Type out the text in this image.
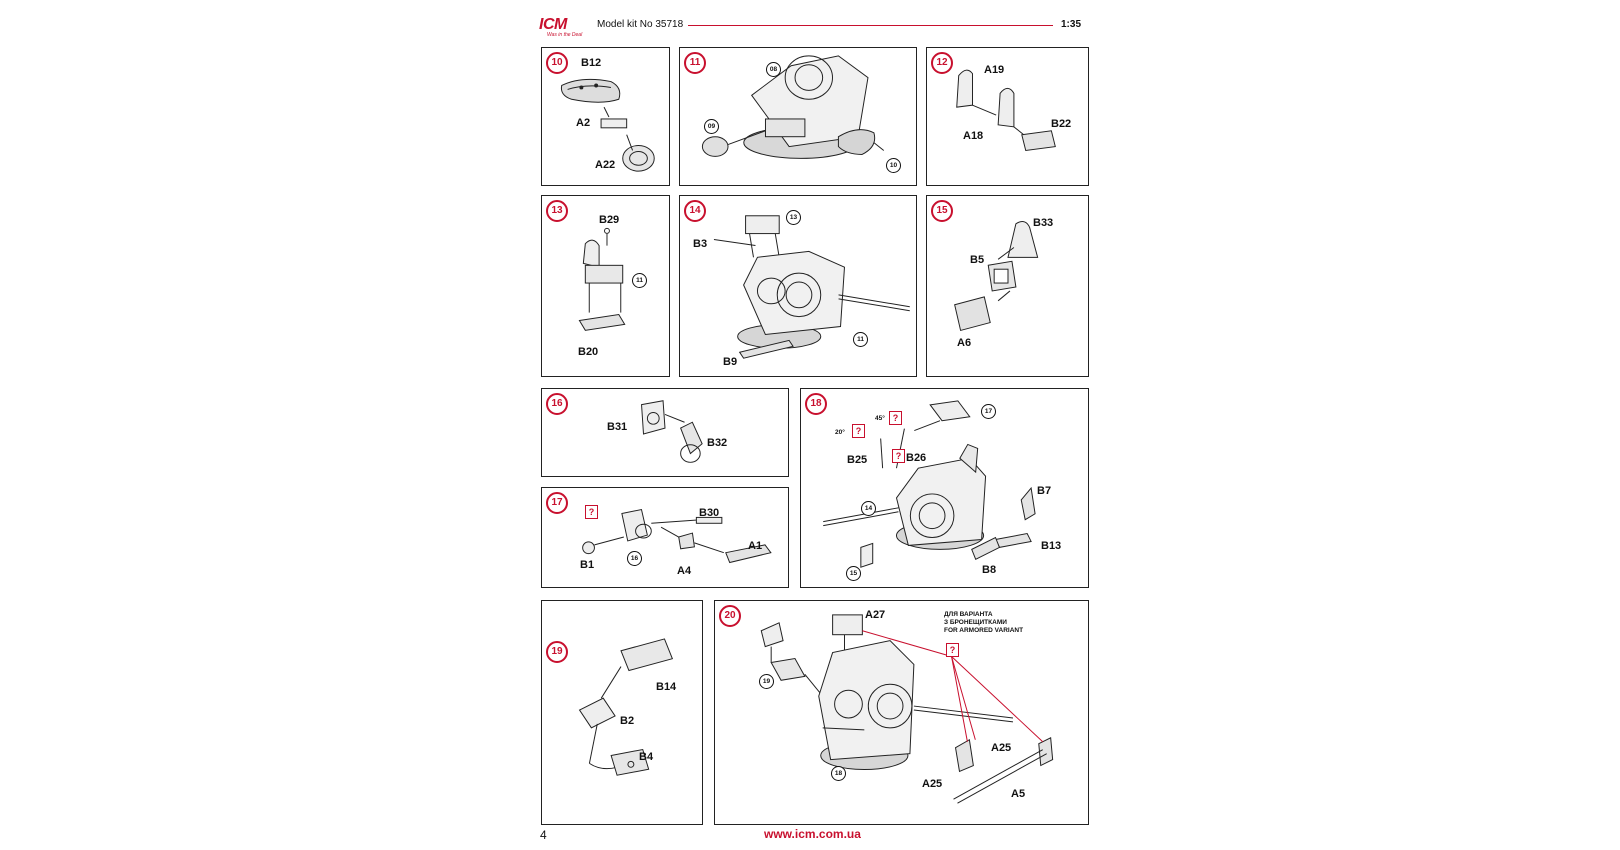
ICM
Was in the Deal
Model kit No 35718	1:35
10	B12
A2
A22
11
08
09
10
12
A19
A18
B22
13
B29
B20
11
14
B3
B9
13
11
15
B33
B5
A6
16
B31
B32
17
B30
A1
B1	A4
16
?
18
B25	B26
B7
B13
B8
17
14
15
45°
20°
?
?
?
19
B14
B2
B4
20	A27
A25
A25
A5
19
18
ДЛЯ ВАРІАНТА
З БРОНЕЩИТКАМИ
FOR ARMORED VARIANT
?
4	www.icm.com.ua
